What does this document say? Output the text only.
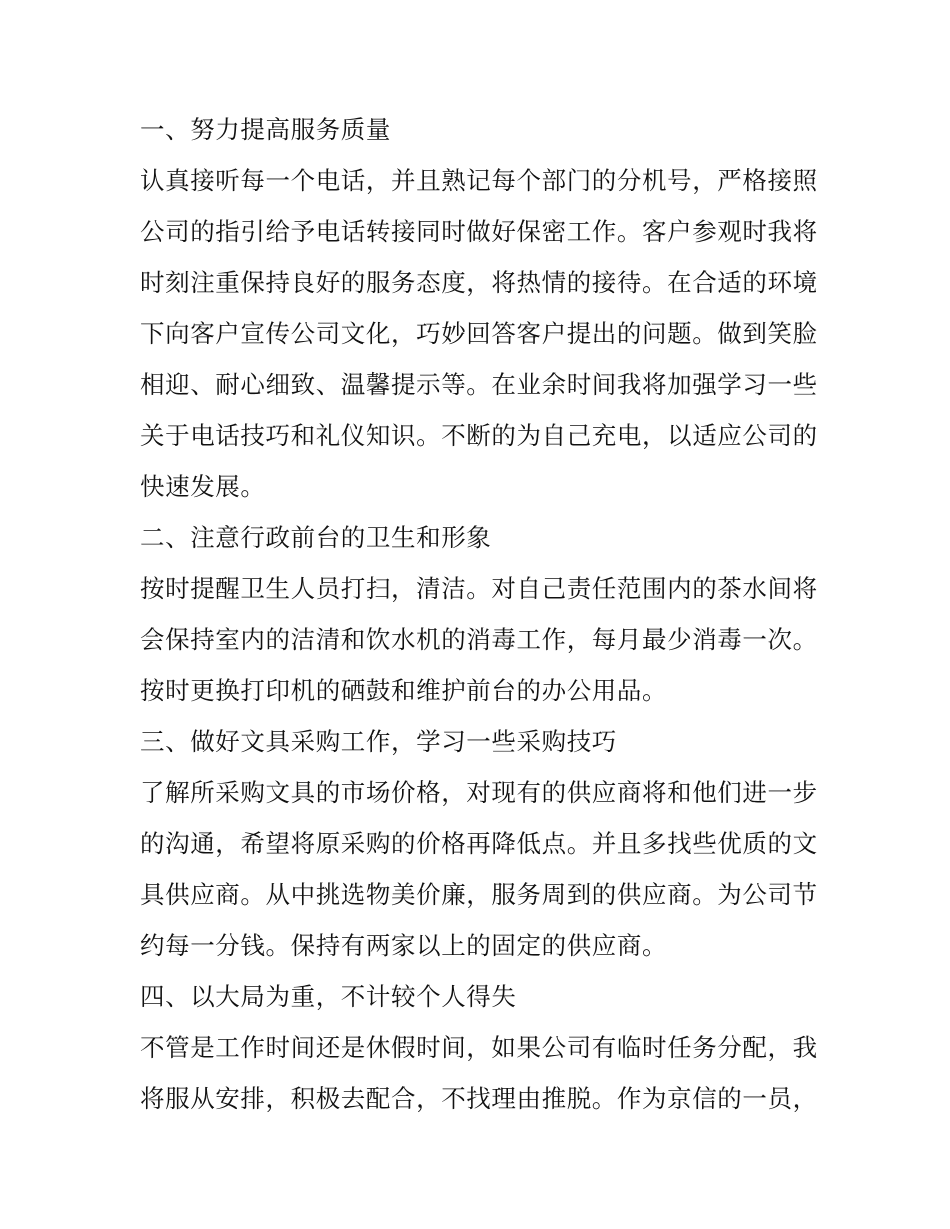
一、努力提高服务质量
认真接听每一个电话，并且熟记每个部门的分机号，严格接照
公司的指引给予电话转接同时做好保密工作。客户参观时我将
时刻注重保持良好的服务态度，将热情的接待。在合适的环境
下向客户宣传公司文化，巧妙回答客户提出的问题。做到笑脸
相迎、耐心细致、温馨提示等。在业余时间我将加强学习一些
关于电话技巧和礼仪知识。不断的为自己充电，以适应公司的
快速发展。
二、注意行政前台的卫生和形象
按时提醒卫生人员打扫，清洁。对自己责任范围内的茶水间将
会保持室内的洁清和饮水机的消毒工作，每月最少消毒一次。
按时更换打印机的硒鼓和维护前台的办公用品。
三、做好文具采购工作，学习一些采购技巧
了解所采购文具的市场价格，对现有的供应商将和他们进一步
的沟通，希望将原采购的价格再降低点。并且多找些优质的文
具供应商。从中挑选物美价廉，服务周到的供应商。为公司节
约每一分钱。保持有两家以上的固定的供应商。
四、以大局为重，不计较个人得失
不管是工作时间还是休假时间，如果公司有临时任务分配，我
将服从安排，积极去配合，不找理由推脱。作为京信的一员，
